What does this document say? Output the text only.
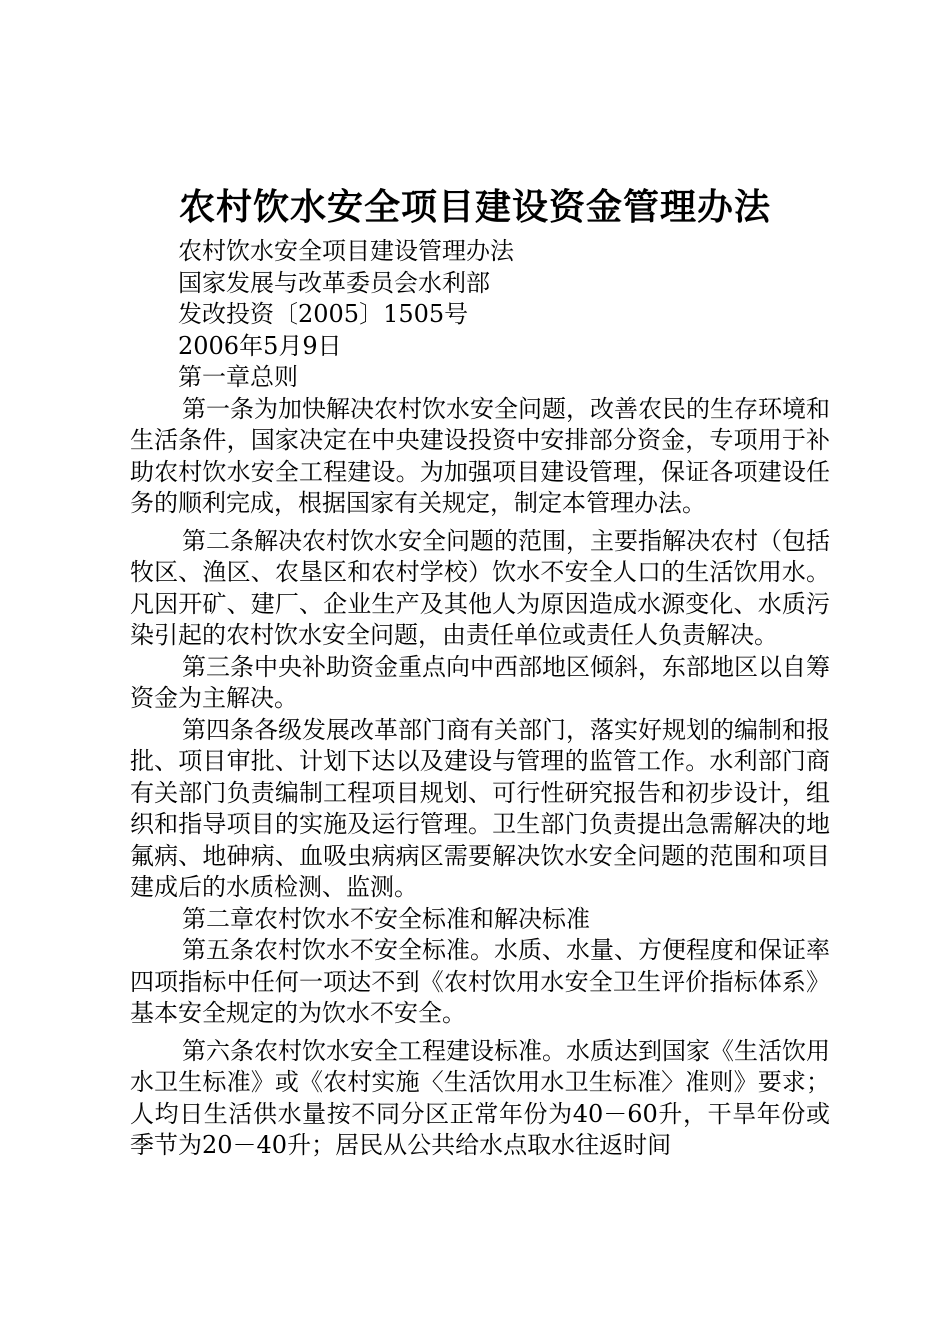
农村饮水安全项目建设资金管理办法

农村饮水安全项目建设管理办法

国家发展与改革委员会水利部

发改投资〔2005〕1505号

2006年5月9日

第一章总则

第一条为加快解决农村饮水安全问题，改善农民的生存环境和生活条件，国家决定在中央建设投资中安排部分资金，专项用于补助农村饮水安全工程建设。为加强项目建设管理，保证各项建设任务的顺利完成，根据国家有关规定，制定本管理办法。

第二条解决农村饮水安全问题的范围，主要指解决农村（包括牧区、渔区、农垦区和农村学校）饮水不安全人口的生活饮用水。凡因开矿、建厂、企业生产及其他人为原因造成水源变化、水质污染引起的农村饮水安全问题，由责任单位或责任人负责解决。

第三条中央补助资金重点向中西部地区倾斜，东部地区以自筹资金为主解决。

第四条各级发展改革部门商有关部门，落实好规划的编制和报批、项目审批、计划下达以及建设与管理的监管工作。水利部门商有关部门负责编制工程项目规划、可行性研究报告和初步设计，组织和指导项目的实施及运行管理。卫生部门负责提出急需解决的地氟病、地砷病、血吸虫病病区需要解决饮水安全问题的范围和项目建成后的水质检测、监测。

第二章农村饮水不安全标准和解决标准

第五条农村饮水不安全标准。水质、水量、方便程度和保证率四项指标中任何一项达不到《农村饮用水安全卫生评价指标体系》基本安全规定的为饮水不安全。

第六条农村饮水安全工程建设标准。水质达到国家《生活饮用水卫生标准》或《农村实施〈生活饮用水卫生标准〉准则》要求；人均日生活供水量按不同分区正常年份为40－60升，干旱年份或季节为20－40升；居民从公共给水点取水往返时间
